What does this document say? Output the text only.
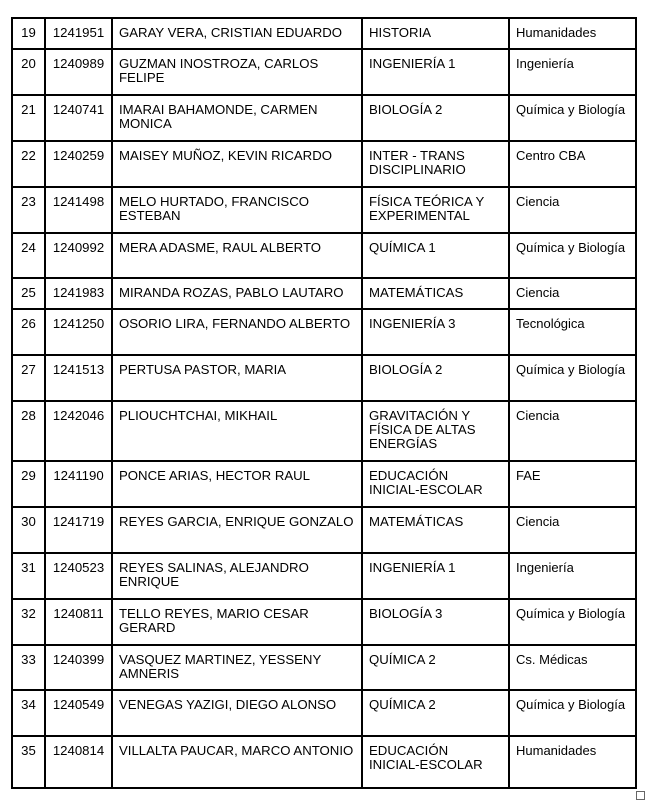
19	1241951	GARAY VERA, CRISTIAN EDUARDO	HISTORIA	Humanidades
20	1240989	GUZMAN INOSTROZA, CARLOS FELIPE	INGENIERÍA 1	Ingeniería
21	1240741	IMARAI BAHAMONDE, CARMEN MONICA	BIOLOGÍA 2	Química y Biología
22	1240259	MAISEY MUÑOZ, KEVIN RICARDO	INTER - TRANS DISCIPLINARIO	Centro CBA
23	1241498	MELO HURTADO, FRANCISCO ESTEBAN	FÍSICA TEÓRICA Y EXPERIMENTAL	Ciencia
24	1240992	MERA ADASME, RAUL ALBERTO	QUÍMICA 1	Química y Biología
25	1241983	MIRANDA ROZAS, PABLO LAUTARO	MATEMÁTICAS	Ciencia
26	1241250	OSORIO LIRA, FERNANDO ALBERTO	INGENIERÍA 3	Tecnológica
27	1241513	PERTUSA PASTOR, MARIA	BIOLOGÍA 2	Química y Biología
28	1242046	PLIOUCHTCHAI, MIKHAIL	GRAVITACIÓN Y FÍSICA DE ALTAS ENERGÍAS	Ciencia
29	1241190	PONCE ARIAS, HECTOR RAUL	EDUCACIÓN INICIAL-ESCOLAR	FAE
30	1241719	REYES GARCIA, ENRIQUE GONZALO	MATEMÁTICAS	Ciencia
31	1240523	REYES SALINAS, ALEJANDRO ENRIQUE	INGENIERÍA 1	Ingeniería
32	1240811	TELLO REYES, MARIO CESAR GERARD	BIOLOGÍA 3	Química y Biología
33	1240399	VASQUEZ MARTINEZ, YESSENY AMNERIS	QUÍMICA 2	Cs. Médicas
34	1240549	VENEGAS YAZIGI, DIEGO ALONSO	QUÍMICA 2	Química y Biología
35	1240814	VILLALTA PAUCAR, MARCO ANTONIO	EDUCACIÓN INICIAL-ESCOLAR	Humanidades
